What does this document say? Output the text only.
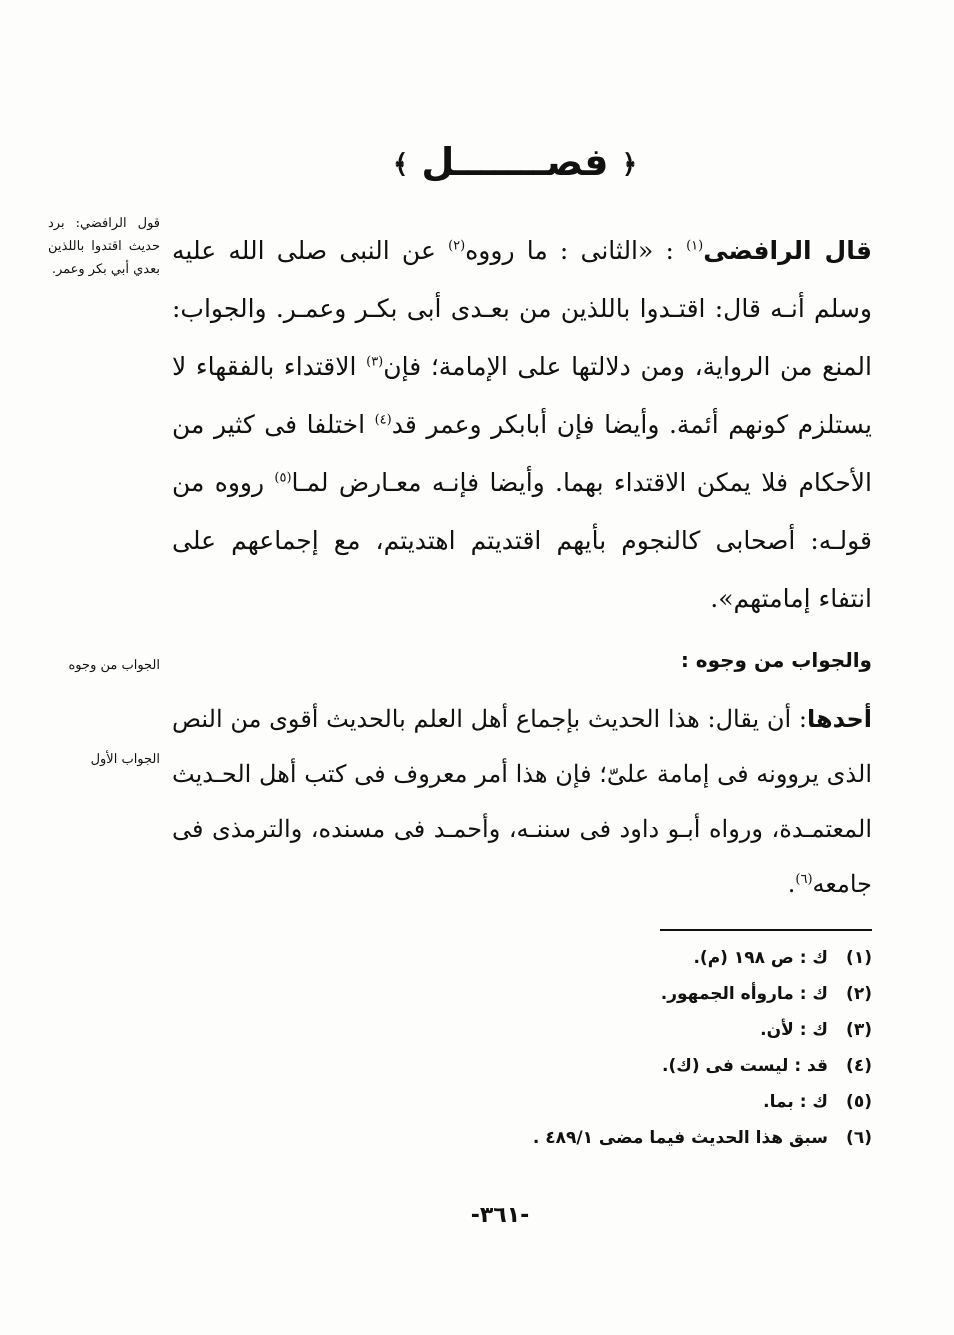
﴿ فصـــــــل ﴾
قول الرافضي: برد حديث اقتدوا باللذين بعدي أبي بكر وعمر.
الجواب من وجوه
الجواب الأول

قال الرافضى$^{(١)}$ : «الثانى : ما رووه$^{(٢)}$ عن النبى صلى الله عليه وسلم أنـه قال: اقتـدوا باللذين من بعـدى أبى بكـر وعمـر. والجواب: المنع من الرواية، ومن دلالتها على الإمامة؛ فإن$^{(٣)}$ الاقتداء بالفقهاء لا يستلزم كونهم أئمة. وأيضا فإن أبابكر وعمر قد$^{(٤)}$ اختلفا فى كثير من الأحكام فلا يمكن الاقتداء بهما. وأيضا فإنـه معـارض لمـا$^{(٥)}$ رووه من قولـه: أصحابى كالنجوم بأيهم اقتديتم اهتديتم، مع إجماعهم على انتفاء إمامتهم».

والجواب من وجوه :

أحدها: أن يقال: هذا الحديث بإجماع أهل العلم بالحديث أقوى من النص الذى يروونه فى إمامة علىّ؛ فإن هذا أمر معروف فى كتب أهل الحـديث المعتمـدة، ورواه أبـو داود فى سننـه، وأحمـد فى مسنده، والترمذى فى جامعه$^{(٦)}$.

(١)ك : ص ١٩٨ (م).
(٢)ك : ماروأه الجمهور.
(٣)ك : لأن.
(٤)قد : ليست فى (ك).
(٥)ك : بما.
(٦)سبق هذا الحديث فيما مضى ٤٨٩/١ .
-٣٦١-
